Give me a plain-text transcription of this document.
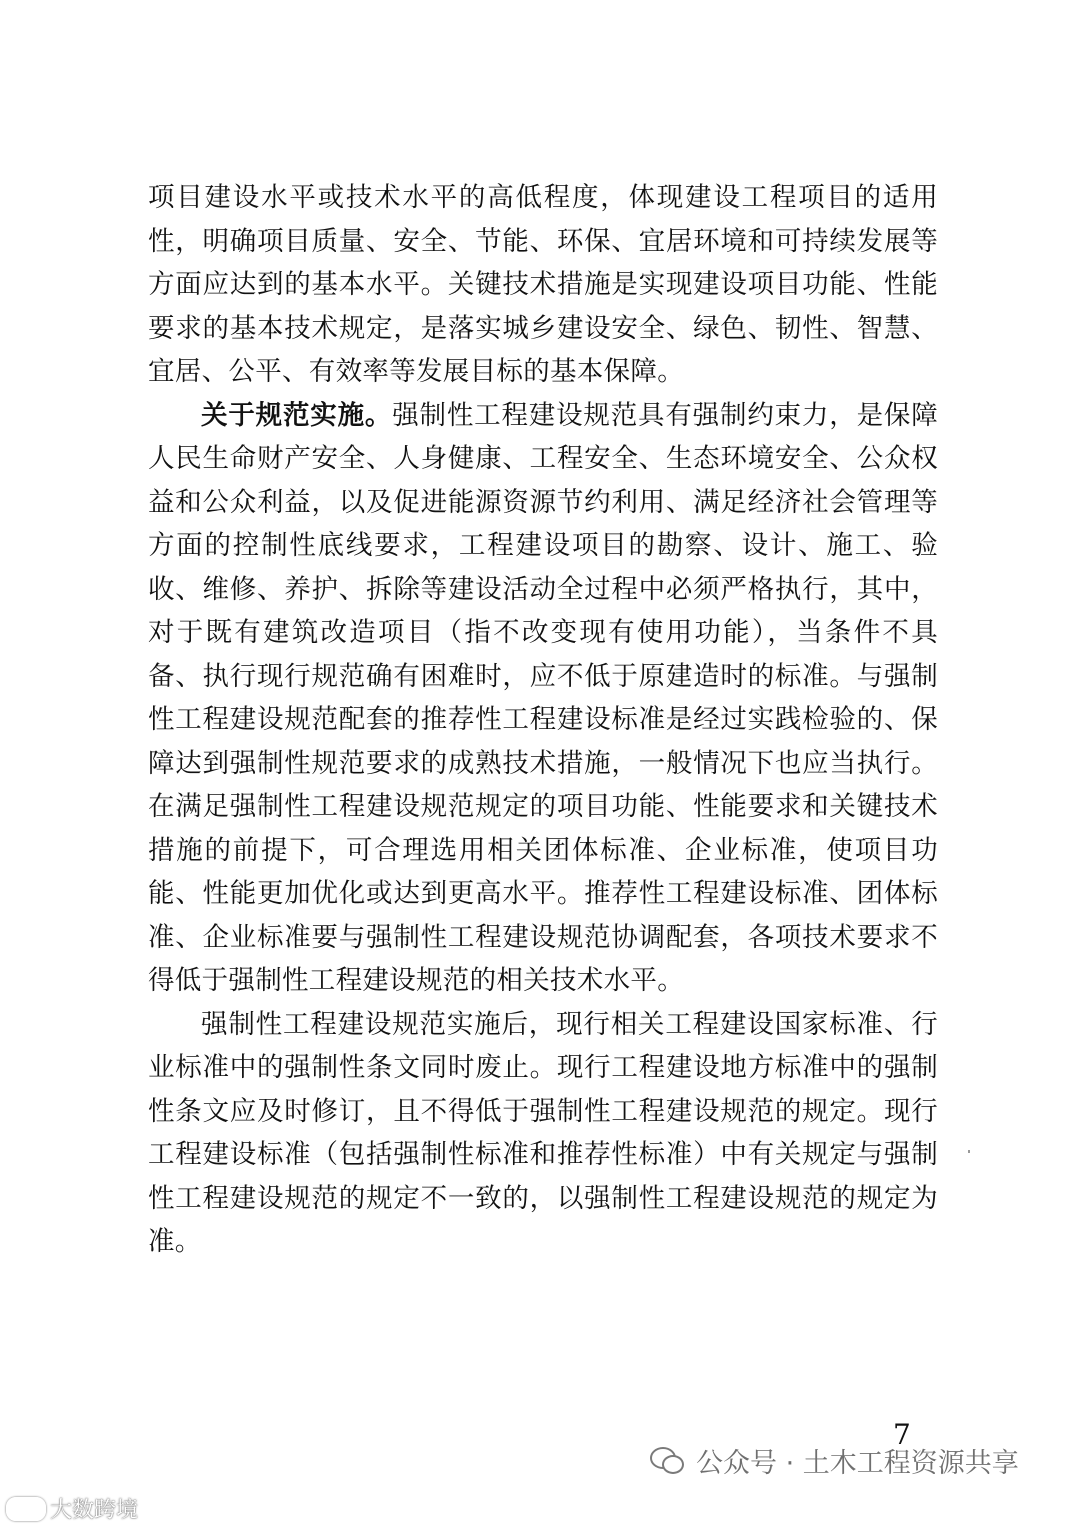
项目建设水平或技术水平的高低程度，体现建设工程项目的适用性，明确项目质量、安全、节能、环保、宜居环境和可持续发展等方面应达到的基本水平。关键技术措施是实现建设项目功能、性能要求的基本技术规定，是落实城乡建设安全、绿色、韧性、智慧、宜居、公平、有效率等发展目标的基本保障。

关于规范实施。强制性工程建设规范具有强制约束力，是保障人民生命财产安全、人身健康、工程安全、生态环境安全、公众权益和公众利益，以及促进能源资源节约利用、满足经济社会管理等方面的控制性底线要求，工程建设项目的勘察、设计、施工、验收、维修、养护、拆除等建设活动全过程中必须严格执行，其中，对于既有建筑改造项目（指不改变现有使用功能），当条件不具备、执行现行规范确有困难时，应不低于原建造时的标准。与强制性工程建设规范配套的推荐性工程建设标准是经过实践检验的、保障达到强制性规范要求的成熟技术措施，一般情况下也应当执行。在满足强制性工程建设规范规定的项目功能、性能要求和关键技术措施的前提下，可合理选用相关团体标准、企业标准，使项目功能、性能更加优化或达到更高水平。推荐性工程建设标准、团体标准、企业标准要与强制性工程建设规范协调配套，各项技术要求不得低于强制性工程建设规范的相关技术水平。

强制性工程建设规范实施后，现行相关工程建设国家标准、行业标准中的强制性条文同时废止。现行工程建设地方标准中的强制性条文应及时修订，且不得低于强制性工程建设规范的规定。现行工程建设标准（包括强制性标准和推荐性标准）中有关规定与强制性工程建设规范的规定不一致的，以强制性工程建设规范的规定为准。

7
公众号 · 土木工程资源共享
大数跨境
